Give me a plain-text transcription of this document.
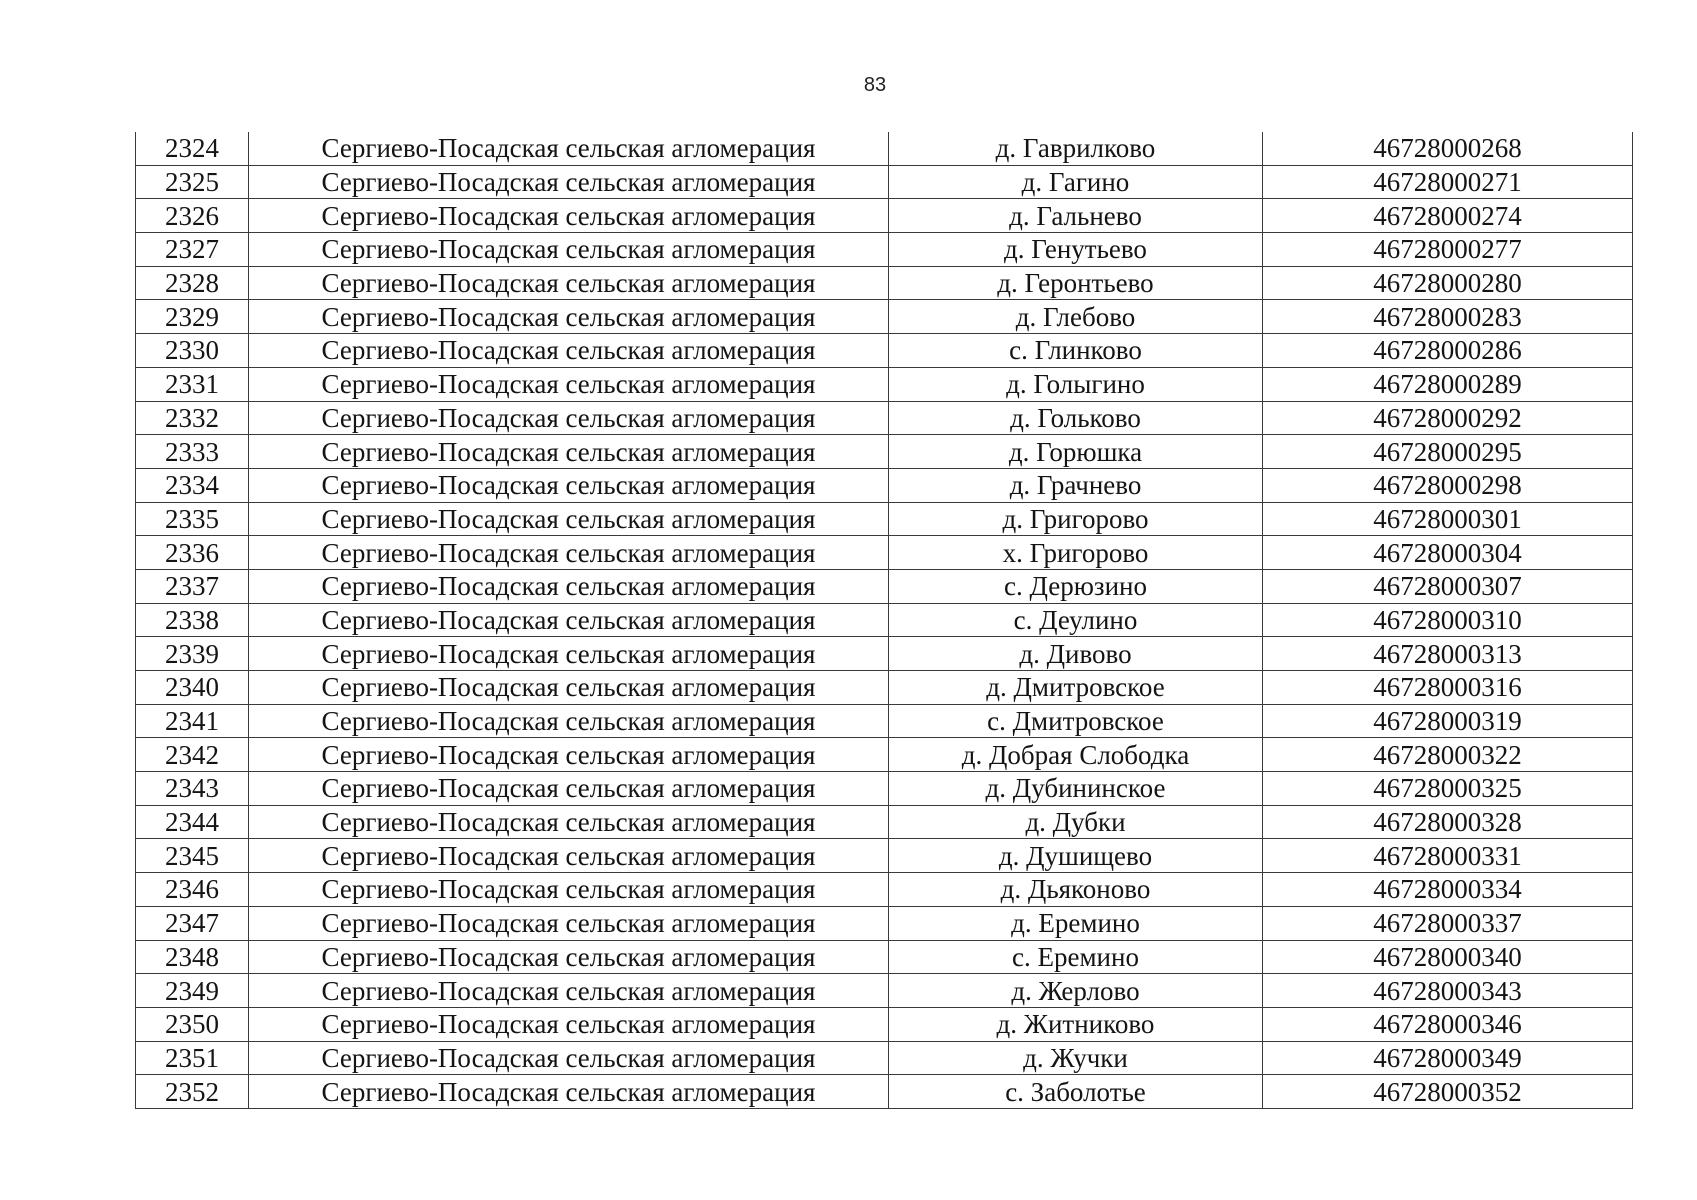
83
2324	Сергиево-Посадская сельская агломерация	д. Гаврилково	46728000268
2325	Сергиево-Посадская сельская агломерация	д. Гагино	46728000271
2326	Сергиево-Посадская сельская агломерация	д. Гальнево	46728000274
2327	Сергиево-Посадская сельская агломерация	д. Генутьево	46728000277
2328	Сергиево-Посадская сельская агломерация	д. Геронтьево	46728000280
2329	Сергиево-Посадская сельская агломерация	д. Глебово	46728000283
2330	Сергиево-Посадская сельская агломерация	с. Глинково	46728000286
2331	Сергиево-Посадская сельская агломерация	д. Голыгино	46728000289
2332	Сергиево-Посадская сельская агломерация	д. Гольково	46728000292
2333	Сергиево-Посадская сельская агломерация	д. Горюшка	46728000295
2334	Сергиево-Посадская сельская агломерация	д. Грачнево	46728000298
2335	Сергиево-Посадская сельская агломерация	д. Григорово	46728000301
2336	Сергиево-Посадская сельская агломерация	х. Григорово	46728000304
2337	Сергиево-Посадская сельская агломерация	с. Дерюзино	46728000307
2338	Сергиево-Посадская сельская агломерация	с. Деулино	46728000310
2339	Сергиево-Посадская сельская агломерация	д. Дивово	46728000313
2340	Сергиево-Посадская сельская агломерация	д. Дмитровское	46728000316
2341	Сергиево-Посадская сельская агломерация	с. Дмитровское	46728000319
2342	Сергиево-Посадская сельская агломерация	д. Добрая Слободка	46728000322
2343	Сергиево-Посадская сельская агломерация	д. Дубининское	46728000325
2344	Сергиево-Посадская сельская агломерация	д. Дубки	46728000328
2345	Сергиево-Посадская сельская агломерация	д. Душищево	46728000331
2346	Сергиево-Посадская сельская агломерация	д. Дьяконово	46728000334
2347	Сергиево-Посадская сельская агломерация	д. Еремино	46728000337
2348	Сергиево-Посадская сельская агломерация	с. Еремино	46728000340
2349	Сергиево-Посадская сельская агломерация	д. Жерлово	46728000343
2350	Сергиево-Посадская сельская агломерация	д. Житниково	46728000346
2351	Сергиево-Посадская сельская агломерация	д. Жучки	46728000349
2352	Сергиево-Посадская сельская агломерация	с. Заболотье	46728000352
